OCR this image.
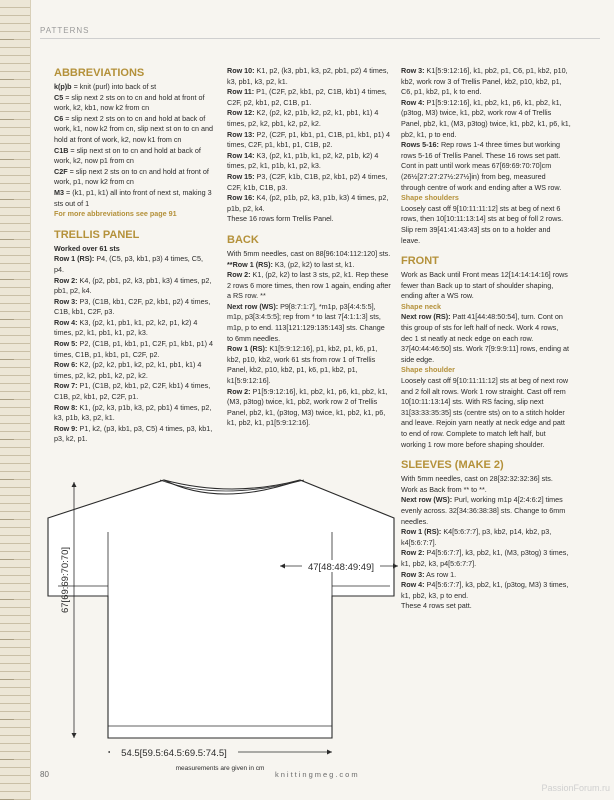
PATTERNS
ABBREVIATIONS

k(p)b = knit (purl) into back of st

C5 = slip next 2 sts on to cn and hold at front of work, k2, kb1, now k2 from cn

C6 = slip next 2 sts on to cn and hold at back of work, k1, now k2 from cn, slip next st on to cn and hold at front of work, k2, now k1 from cn

C1B = slip next st on to cn and hold at back of work, k2, now p1 from cn

C2F = slip next 2 sts on to cn and hold at front of work, p1, now k2 from cn

M3 = (k1, p1, k1) all into front of next st, making 3 sts out of 1

For more abbreviations see page 91

TRELLIS PANEL

Worked over 61 sts

Row 1 (RS): P4, (C5, p3, kb1, p3) 4 times, C5, p4.

Row 2: K4, (p2, pb1, p2, k3, pb1, k3) 4 times, p2, pb1, p2, k4.

Row 3: P3, (C1B, kb1, C2F, p2, kb1, p2) 4 times, C1B, kb1, C2F, p3.

Row 4: K3, (p2, k1, pb1, k1, p2, k2, p1, k2) 4 times, p2, k1, pb1, k1, p2, k3.

Row 5: P2, (C1B, p1, kb1, p1, C2F, p1, kb1, p1) 4 times, C1B, p1, kb1, p1, C2F, p2.

Row 6: K2, (p2, k2, pb1, k2, p2, k1, pb1, k1) 4 times, p2, k2, pb1, k2, p2, k2.

Row 7: P1, (C1B, p2, kb1, p2, C2F, kb1) 4 times, C1B, p2, kb1, p2, C2F, p1.

Row 8: K1, (p2, k3, p1b, k3, p2, pb1) 4 times, p2, k3, p1b, k3, p2, k1.

Row 9: P1, k2, (p3, kb1, p3, C5) 4 times, p3, kb1, p3, k2, p1.

Row 10: K1, p2, (k3, pb1, k3, p2, pb1, p2) 4 times, k3, pb1, k3, p2, k1.

Row 11: P1, (C2F, p2, kb1, p2, C1B, kb1) 4 times, C2F, p2, kb1, p2, C1B, p1.

Row 12: K2, (p2, k2, p1b, k2, p2, k1, pb1, k1) 4 times, p2, k2, pb1, k2, p2, k2.

Row 13: P2, (C2F, p1, kb1, p1, C1B, p1, kb1, p1) 4 times, C2F, p1, kb1, p1, C1B, p2.

Row 14: K3, (p2, k1, p1b, k1, p2, k2, p1b, k2) 4 times, p2, k1, p1b, k1, p2, k3.

Row 15: P3, (C2F, k1b, C1B, p2, kb1, p2) 4 times, C2F, k1b, C1B, p3.

Row 16: K4, (p2, p1b, p2, k3, p1b, k3) 4 times, p2, p1b, p2, k4.

These 16 rows form Trellis Panel.

BACK

With 5mm needles, cast on 88[96:104:112:120] sts.

**Row 1 (RS): K3, (p2, k2) to last st, k1.

Row 2: K1, (p2, k2) to last 3 sts, p2, k1. Rep these 2 rows 6 more times, then row 1 again, ending after a RS row. **

Next row (WS): P9[8:7:1:7], *m1p, p3[4:4:5:5], m1p, p3[3:4:5:5]; rep from * to last 7[4:1:1:3] sts, m1p, p to end. 113[121:129:135:143] sts. Change to 6mm needles.

Row 1 (RS): K1[5:9:12:16], p1, kb2, p1, k6, p1, kb2, p10, kb2, work 61 sts from row 1 of Trellis Panel, kb2, p10, kb2, p1, k6, p1, kb2, p1, k1[5:9:12:16].

Row 2: P1[5:9:12:16], k1, pb2, k1, p6, k1, pb2, k1, (M3, p3tog) twice, k1, pb2, work row 2 of Trellis Panel, pb2, k1, (p3tog, M3) twice, k1, pb2, k1, p6, k1, pb2, k1, p1[5:9:12:16].

Row 3: K1[5:9:12:16], k1, pb2, p1, C6, p1, kb2, p10, kb2, work row 3 of Trellis Panel, kb2, p10, kb2, p1, C6, p1, kb2, p1, k to end.

Row 4: P1[5:9:12:16], k1, pb2, k1, p6, k1, pb2, k1, (p3tog, M3) twice, k1, pb2, work row 4 of Trellis Panel, pb2, k1, (M3, p3tog) twice, k1, pb2, k1, p6, k1, pb2, k1, p to end.

Rows 5-16: Rep rows 1-4 three times but working rows 5-16 of Trellis Panel. These 16 rows set patt. Cont in patt until work meas 67[69:69:70:70]cm (26½[27:27:27½:27½]in) from beg, measured through centre of work and ending after a WS row.

Shape shoulders

Loosely cast off 9[10:11:11:12] sts at beg of next 6 rows, then 10[10:11:13:14] sts at beg of foll 2 rows. Slip rem 39[41:41:43:43] sts on to a holder and leave.

FRONT

Work as Back until Front meas 12[14:14:14:16] rows fewer than Back up to start of shoulder shaping, ending after a WS row.

Shape neck

Next row (RS): Patt 41[44:48:50:54], turn. Cont on this group of sts for left half of neck. Work 4 rows, dec 1 st neatly at neck edge on each row. 37[40:44:46:50] sts. Work 7[9:9:9:11] rows, ending at side edge.

Shape shoulder

Loosely cast off 9[10:11:11:12] sts at beg of next row and 2 foll alt rows. Work 1 row straight. Cast off rem 10[10:11:13:14] sts. With RS facing, slip next 31[33:33:35:35] sts (centre sts) on to a stitch holder and leave. Rejoin yarn neatly at neck edge and patt to end of row. Complete to match left half, but working 1 row more before shaping shoulder.

SLEEVES (MAKE 2)

With 5mm needles, cast on 28[32:32:32:36] sts. Work as Back from ** to **.

Next row (WS): Purl, working m1p 4[2:4:6:2] times evenly across. 32[34:36:38:38] sts. Change to 6mm needles.

Row 1 (RS): K4[5:6:7:7], p3, kb2, p14, kb2, p3, k4[5:6:7:7].

Row 2: P4[5:6:7:7], k3, pb2, k1, (M3, p3tog) 3 times, k1, pb2, k3, p4[5:6:7:7].

Row 3: As row 1.

Row 4: P4[5:6:7:7], k3, pb2, k1, (p3tog, M3) 3 times, k1, pb2, k3, p to end.

These 4 rows set patt.

47[48:48:49:49]
67[69:69:70:70]
54.5[59.5:64.5:69.5:74.5]
measurements are given in cm
80	knittingmeg.com
PassionForum.ru
